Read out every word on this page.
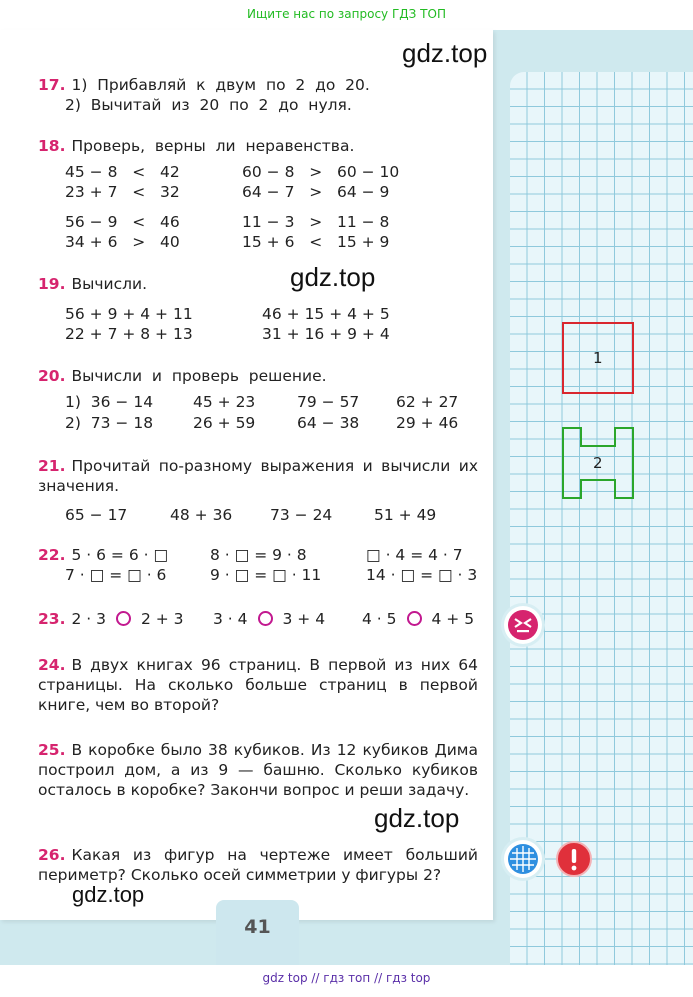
Ищите нас по запросу ГДЗ ТОП
1
2
gdz.top
gdz.top
gdz.top
gdz.top
17. 1)  Прибавляй  к  двум  по  2  до  20.
2)  Вычитай  из  20  по  2  до  нуля.
18. Проверь,  верны  ли  неравенства.
45 − 8   <   42	60 − 8   >   60 − 10
23 + 7   <   32	64 − 7   >   64 − 9
56 − 9   <   46	11 − 3   >   11 − 8
34 + 6   >   40	15 + 6   <   15 + 9
19. Вычисли.
56 + 9 + 4 + 11	46 + 15 + 4 + 5
22 + 7 + 8 + 13	31 + 16 + 9 + 4
20. Вычисли  и  проверь  решение.
1)  36 − 14	45 + 23	79 − 57 62 + 27
2)  73 − 18	26 + 59	64 − 38 29 + 46
21. Прочитай по-разному выражения и вычисли их значения.
65 − 17	48 + 36 73 − 24	51 + 49
22. 5 · 6 = 6 · □	8 · □ = 9 · 8	□ · 4 = 4 · 7
7 · □ = □ · 6	9 · □ = □ · 11	14 · □ = □ · 3
23. 2 · 3 2 + 3 3 · 4 3 + 4 4 · 5 4 + 5
24. В двух книгах 96 страниц. В первой из них 64 страницы. На сколько больше страниц в первой книге, чем во второй?
25. В коробке было 38 кубиков. Из 12 кубиков Дима построил дом, а из 9 — башню. Сколько кубиков осталось в коробке? Закончи вопрос и реши задачу.
26. Какая из фигур на чертеже имеет больший периметр? Сколько осей симметрии у фигуры 2?
41
gdz top // гдз топ // гдз top
